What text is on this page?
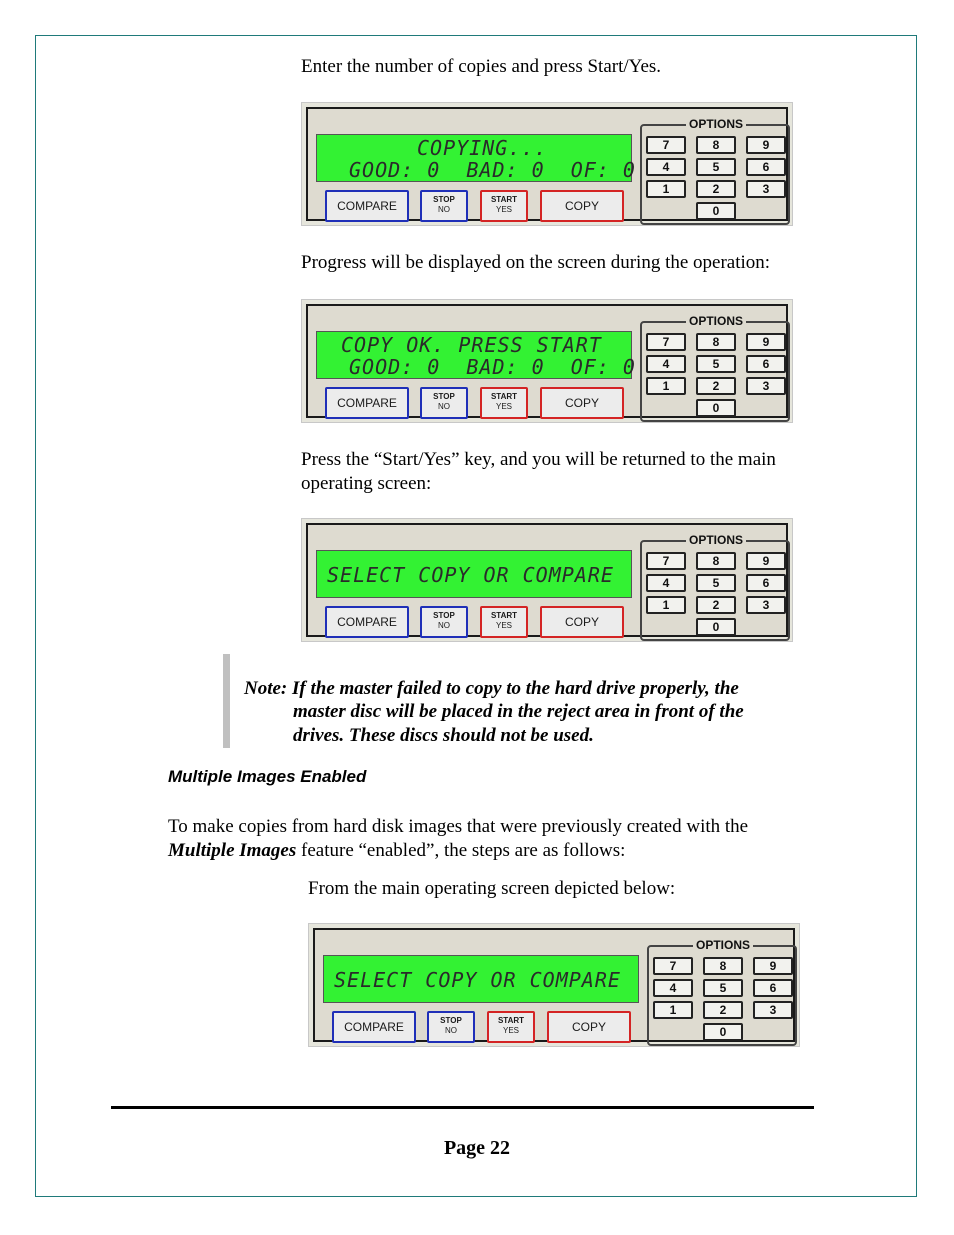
Enter the number of copies and press Start/Yes.

COPYING...
GOOD: 0  BAD: 0  OF: 0
COMPARE	STOP
NO
START
YES	COPY
OPTIONS
7	8	9
4	5	6
1	2	3
0

Progress will be displayed on the screen during the operation:

COPY OK. PRESS START
GOOD: 0  BAD: 0  OF: 0
COMPARE	STOP
NO
START
YES	COPY
OPTIONS
7	8	9
4	5	6
1	2	3
0

Press the “Start/Yes” key, and you will be returned to the main
operating screen:

SELECT COPY OR COMPARE
COMPARE	STOP
NO
START
YES	COPY
OPTIONS
7	8	9
4	5	6
1	2	3
0

Note: If the master failed to copy to the hard drive properly, the

master disc will be placed in the reject area in front of the

drives. These discs should not be used.

Multiple Images Enabled

To make copies from hard disk images that were previously created with the
Multiple Images feature “enabled”, the steps are as follows:

From the main operating screen depicted below:

SELECT COPY OR COMPARE
COMPARE	STOP
NO
START
YES	COPY
OPTIONS
7	8	9
4	5	6
1	2	3
0

Page 22
